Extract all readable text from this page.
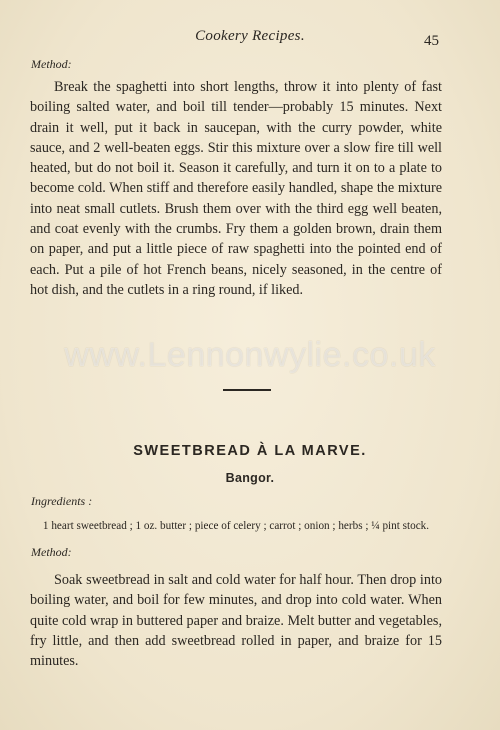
Cookery Recipes.	45
Method:

Break the spaghetti into short lengths, throw it into plenty of fast boiling salted water, and boil till tender—probably 15 minutes. Next drain it well, put it back in saucepan, with the curry powder, white sauce, and 2 well-beaten eggs. Stir this mixture over a slow fire till well heated, but do not boil it. Season it carefully, and turn it on to a plate to become cold. When stiff and therefore easily handled, shape the mixture into neat small cutlets. Brush them over with the third egg well beaten, and coat evenly with the crumbs. Fry them a golden brown, drain them on paper, and put a little piece of raw spaghetti into the pointed end of each. Put a pile of hot French beans, nicely seasoned, in the centre of hot dish, and the cutlets in a ring round, if liked.

www.Lennonwylie.co.uk
SWEETBREAD À LA MARVE.
Bangor.
Ingredients :
1 heart sweetbread ; 1 oz. butter ; piece of celery ; carrot ; onion ; herbs ; ¼ pint stock.
Method:

Soak sweetbread in salt and cold water for half hour. Then drop into boiling water, and boil for few minutes, and drop into cold water. When quite cold wrap in buttered paper and braize. Melt butter and vegetables, fry little, and then add sweetbread rolled in paper, and braize for 15 minutes.
